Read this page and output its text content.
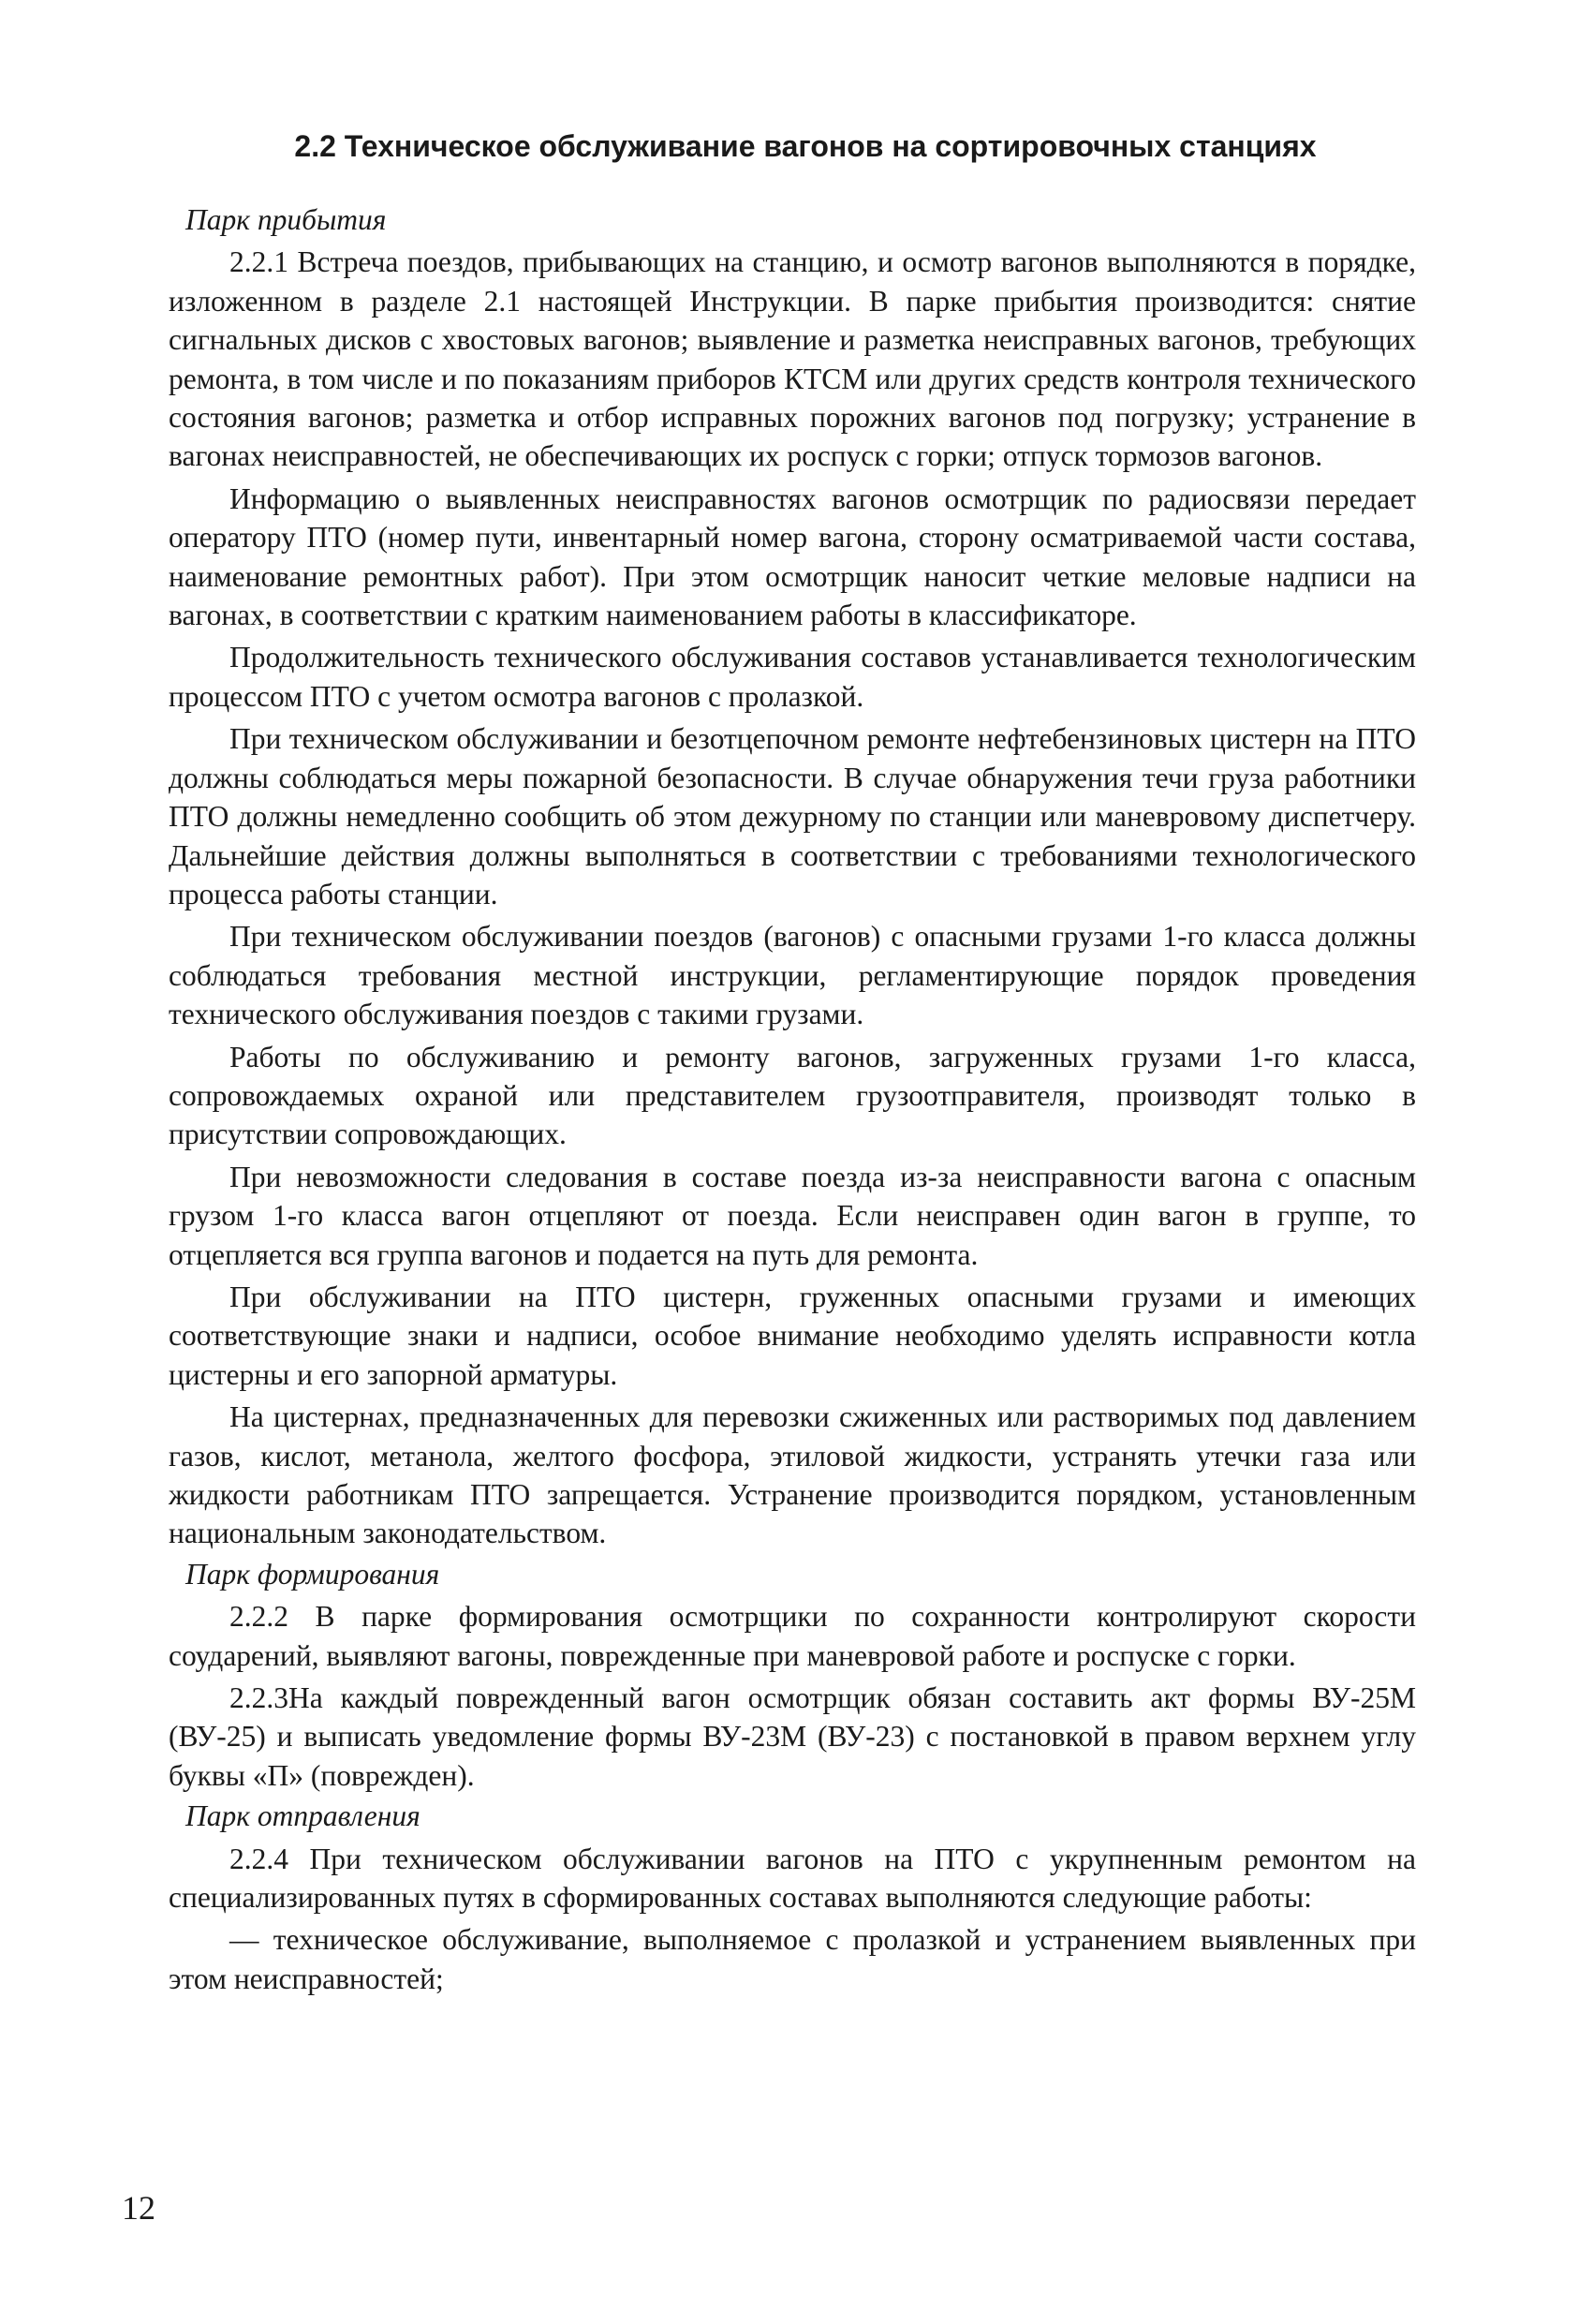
2.2 Техническое обслуживание вагонов на сортировочных станциях

Парк прибытия

2.2.1 Встреча поездов, прибывающих на станцию, и осмотр вагонов выполняются в порядке, изложенном в разделе 2.1 настоящей Инструкции. В парке прибытия производится: снятие сигнальных дисков с хвостовых вагонов; выявление и разметка неисправных вагонов, требующих ремонта, в том числе и по показаниям приборов КТСМ или других средств контроля технического состояния вагонов; разметка и отбор исправных порожних вагонов под погрузку; устранение в вагонах неисправностей, не обеспечивающих их роспуск с горки; отпуск тормозов вагонов.

Информацию о выявленных неисправностях вагонов осмотрщик по радиосвязи передает оператору ПТО (номер пути, инвентарный номер вагона, сторону осматриваемой части состава, наименование ремонтных работ). При этом осмотрщик наносит четкие меловые надписи на вагонах, в соответствии с кратким наименованием работы в классификаторе.

Продолжительность технического обслуживания составов устанавливается технологическим процессом ПТО с учетом осмотра вагонов с пролазкой.

При техническом обслуживании и безотцепочном ремонте нефтебензиновых цистерн на ПТО должны соблюдаться меры пожарной безопасности. В случае обнаружения течи груза работники ПТО должны немедленно сообщить об этом дежурному по станции или маневровому диспетчеру. Дальнейшие действия должны выполняться в соответствии с требованиями технологического процесса работы станции.

При техническом обслуживании поездов (вагонов) с опасными грузами 1-го класса должны соблюдаться требования местной инструкции, регламентирующие порядок проведения технического обслуживания поездов с такими грузами.

Работы по обслуживанию и ремонту вагонов, загруженных грузами 1-го класса, сопровождаемых охраной или представителем грузоотправителя, производят только в присутствии сопровождающих.

При невозможности следования в составе поезда из-за неисправности вагона с опасным грузом 1-го класса вагон отцепляют от поезда. Если неисправен один вагон в группе, то отцепляется вся группа вагонов и подается на путь для ремонта.

При обслуживании на ПТО цистерн, груженных опасными грузами и имеющих соответствующие знаки и надписи, особое внимание необходимо уделять исправности котла цистерны и его запорной арматуры.

На цистернах, предназначенных для перевозки сжиженных или растворимых под давлением газов, кислот, метанола, желтого фосфора, этиловой жидкости, устранять утечки газа или жидкости работникам ПТО запрещается. Устранение производится порядком, установленным национальным законодательством.

Парк формирования

2.2.2 В парке формирования осмотрщики по сохранности контролируют скорости соударений, выявляют вагоны, поврежденные при маневровой работе и роспуске с горки.

2.2.3На каждый поврежденный вагон осмотрщик обязан составить акт формы ВУ-25М (ВУ-25) и выписать уведомление формы ВУ-23М (ВУ-23) с постановкой в правом верхнем углу буквы «П» (поврежден).

Парк отправления

2.2.4 При техническом обслуживании вагонов на ПТО с укрупненным ремонтом на специализированных путях в сформированных составах выполняются следующие работы:

— техническое обслуживание, выполняемое с пролазкой и устранением выявленных при этом неисправностей;

12
